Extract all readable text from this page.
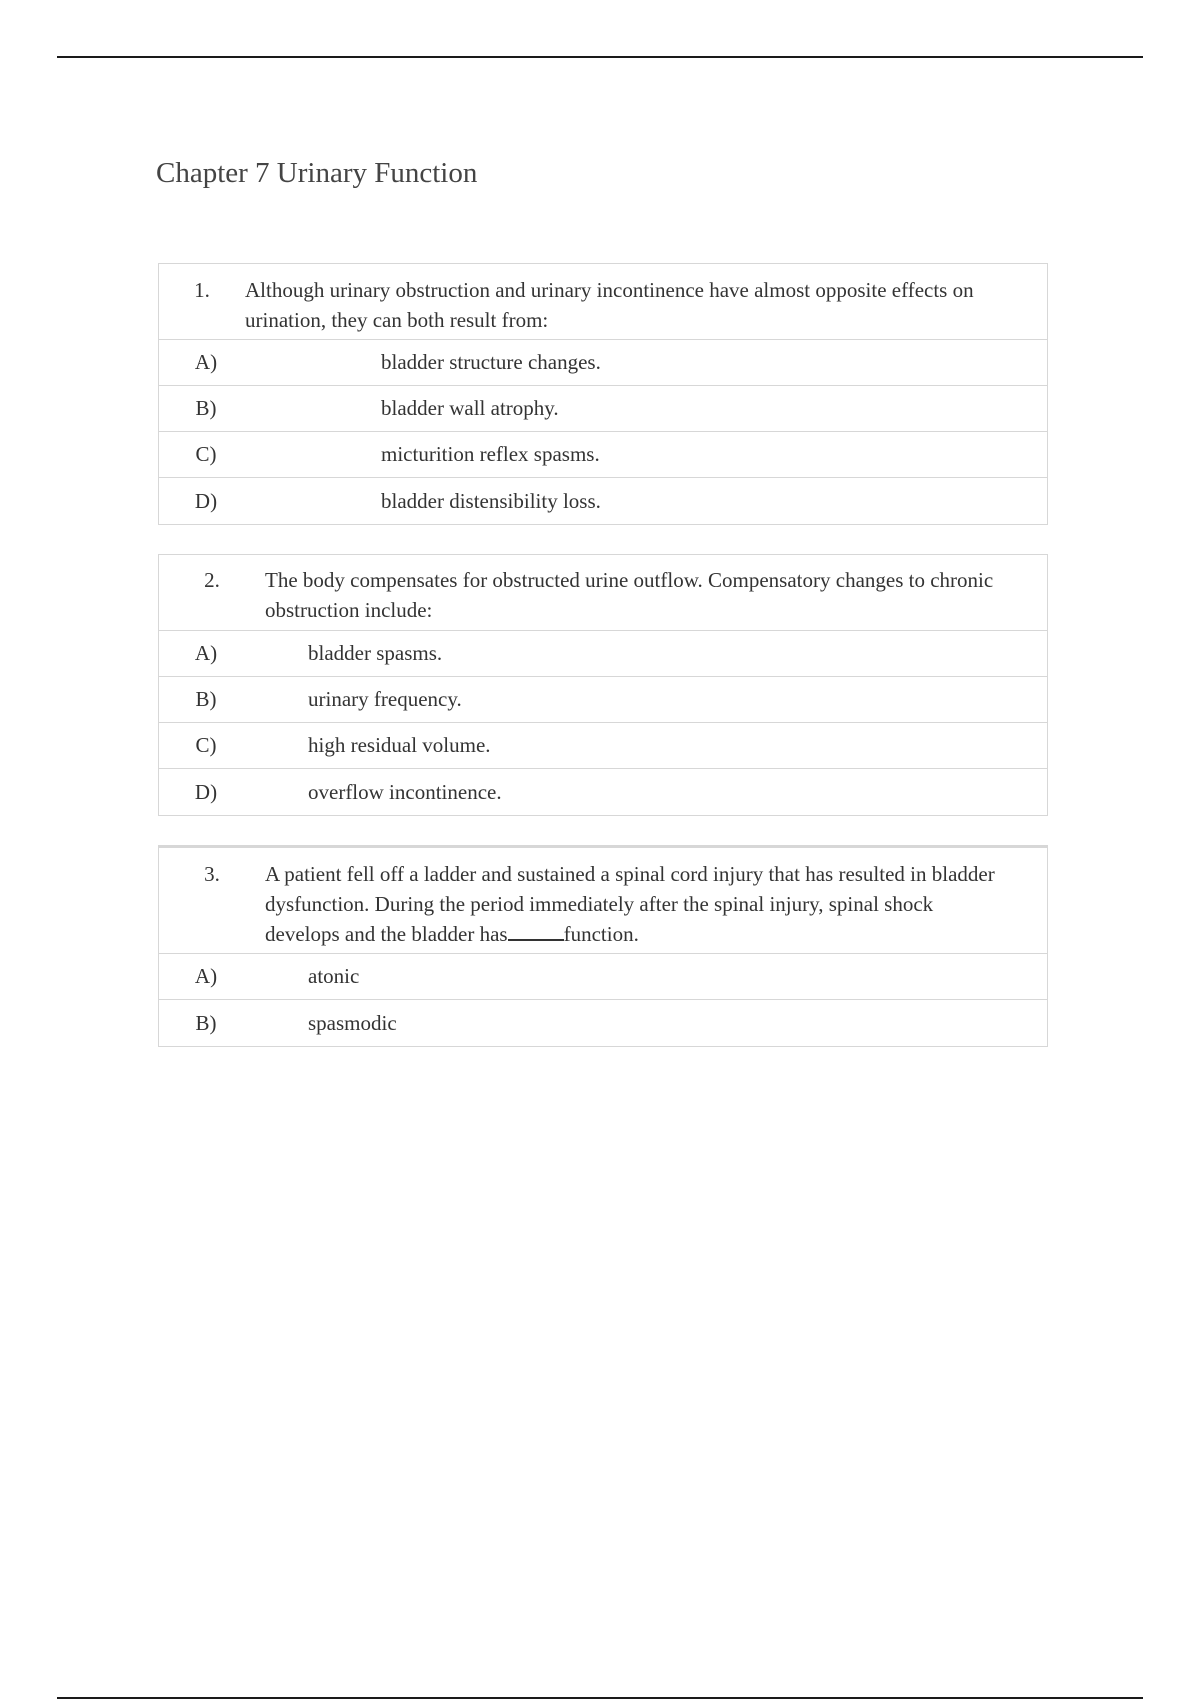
Chapter 7 Urinary Function
1.	Although urinary obstruction and urinary incontinence have almost opposite effects on urination, they can both result from:
A)	bladder structure changes.
B)	bladder wall atrophy.
C)	micturition reflex spasms.
D)	bladder distensibility loss.
2.	The body compensates for obstructed urine outflow. Compensatory changes to chronic obstruction include:
A)	bladder spasms.
B)	urinary frequency.
C)	high residual volume.
D)	overflow incontinence.
3.	A patient fell off a ladder and sustained a spinal cord injury that has resulted in bladder dysfunction. During the period immediately after the spinal injury, spinal shock develops and the bladder has	function.
A)	atonic
B)	spasmodic
